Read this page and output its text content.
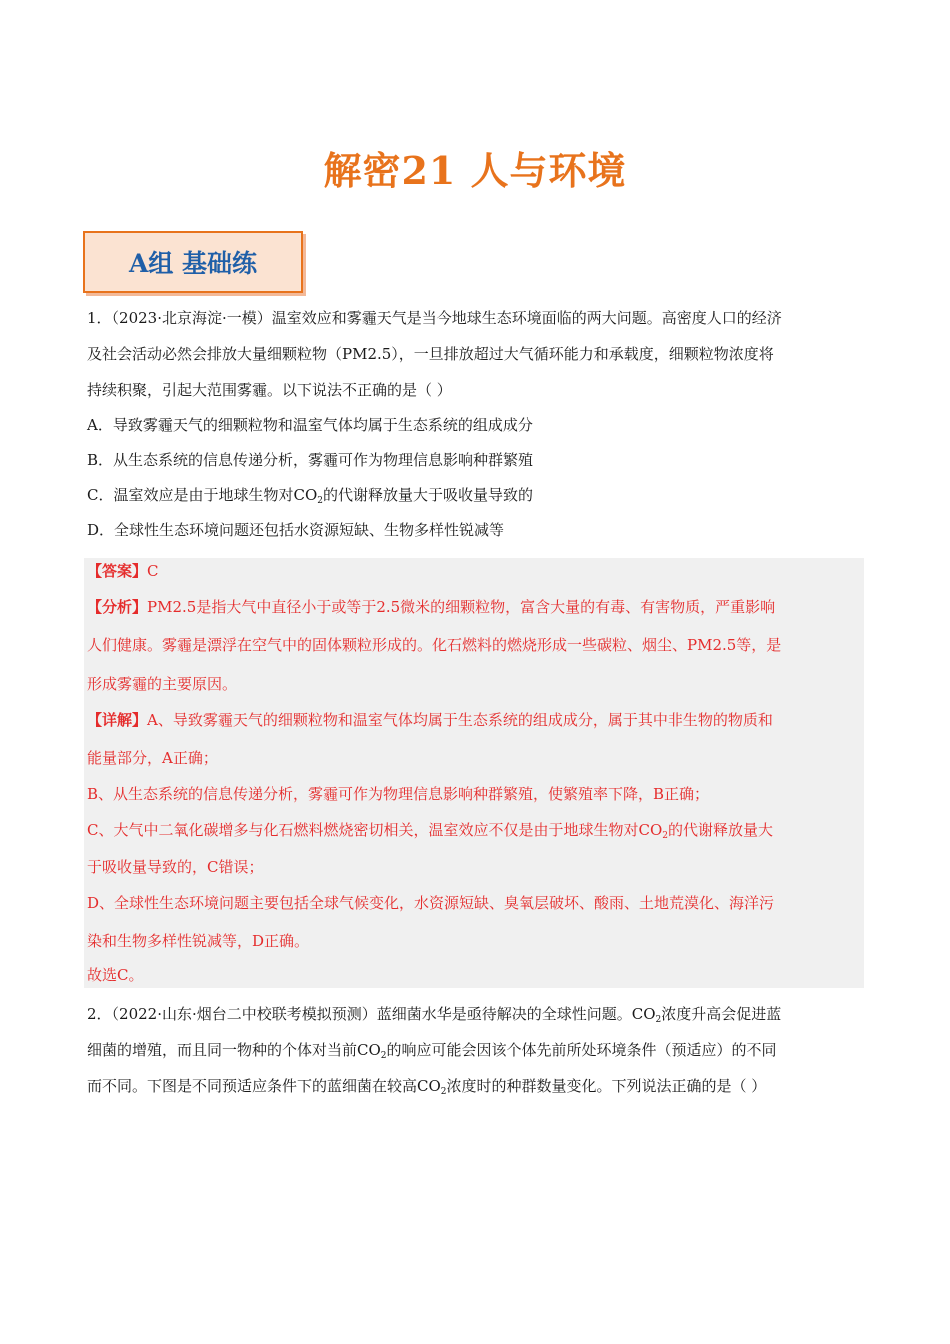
解密21 人与环境
A组 基础练
1．（2023·北京海淀·一模）温室效应和雾霾天气是当今地球生态环境面临的两大问题。高密度人口的经济
及社会活动必然会排放大量细颗粒物（PM2.5），一旦排放超过大气循环能力和承载度，细颗粒物浓度将
持续积聚，引起大范围雾霾。以下说法不正确的是（ ）
A．导致雾霾天气的细颗粒物和温室气体均属于生态系统的组成成分
B．从生态系统的信息传递分析，雾霾可作为物理信息影响种群繁殖
C．温室效应是由于地球生物对$CO_2$的代谢释放量大于吸收量导致的
D．全球性生态环境问题还包括水资源短缺、生物多样性锐减等
【答案】C
【分析】PM2.5是指大气中直径小于或等于2.5微米的细颗粒物，富含大量的有毒、有害物质，严重影响
人们健康。雾霾是漂浮在空气中的固体颗粒形成的。化石燃料的燃烧形成一些碳粒、烟尘、PM2.5等，是
形成雾霾的主要原因。
【详解】A、导致雾霾天气的细颗粒物和温室气体均属于生态系统的组成成分，属于其中非生物的物质和
能量部分，A正确；
B、从生态系统的信息传递分析，雾霾可作为物理信息影响种群繁殖，使繁殖率下降，B正确；
C、大气中二氧化碳增多与化石燃料燃烧密切相关，温室效应不仅是由于地球生物对$CO_2$的代谢释放量大
于吸收量导致的，C错误；
D、全球性生态环境问题主要包括全球气候变化，水资源短缺、臭氧层破坏、酸雨、土地荒漠化、海洋污
染和生物多样性锐减等，D正确。
故选C。
2．（2022·山东·烟台二中校联考模拟预测）蓝细菌水华是亟待解决的全球性问题。$CO_2$浓度升高会促进蓝
细菌的增殖，而且同一物种的个体对当前$CO_2$的响应可能会因该个体先前所处环境条件（预适应）的不同
而不同。下图是不同预适应条件下的蓝细菌在较高$CO_2$浓度时的种群数量变化。下列说法正确的是（ ）
